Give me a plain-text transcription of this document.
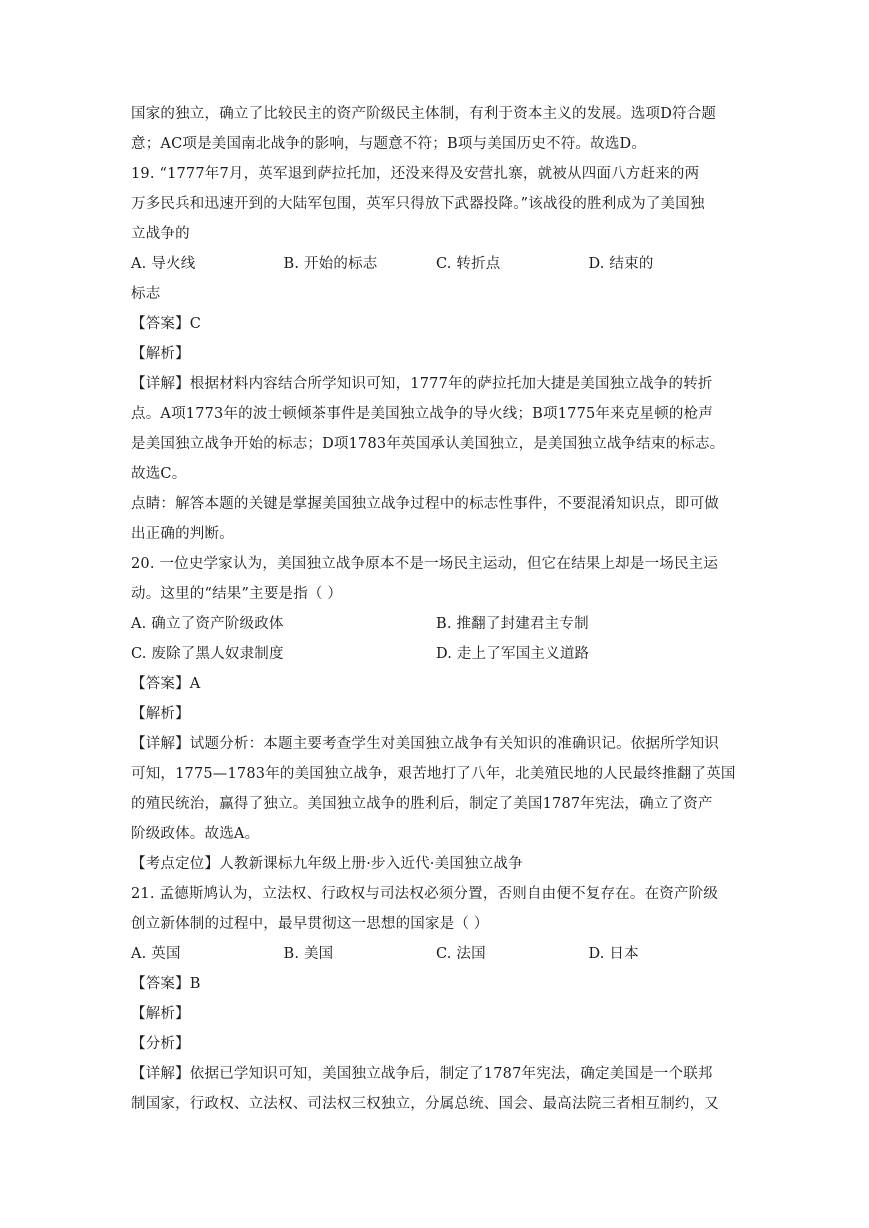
国家的独立，确立了比较民主的资产阶级民主体制，有利于资本主义的发展。选项D符合题
意；AC项是美国南北战争的影响，与题意不符；B项与美国历史不符。故选D。
19. “1777年7月，英军退到萨拉托加，还没来得及安营扎寨，就被从四面八方赶来的两
万多民兵和迅速开到的大陆军包围，英军只得放下武器投降。”该战役的胜利成为了美国独
立战争的
A. 导火线	B. 开始的标志	C. 转折点	D. 结束的
标志
【答案】C
【解析】
【详解】根据材料内容结合所学知识可知，1777年的萨拉托加大捷是美国独立战争的转折
点。A项1773年的波士顿倾茶事件是美国独立战争的导火线；B项1775年来克星顿的枪声
是美国独立战争开始的标志；D项1783年英国承认美国独立，是美国独立战争结束的标志。
故选C。
点睛：解答本题的关键是掌握美国独立战争过程中的标志性事件，不要混淆知识点，即可做
出正确的判断。
20. 一位史学家认为，美国独立战争原本不是一场民主运动，但它在结果上却是一场民主运
动。这里的“结果”主要是指（ ）
A. 确立了资产阶级政体	B. 推翻了封建君主专制
C. 废除了黑人奴隶制度	D. 走上了军国主义道路
【答案】A
【解析】
【详解】试题分析：本题主要考查学生对美国独立战争有关知识的准确识记。依据所学知识
可知，1775—1783年的美国独立战争，艰苦地打了八年，北美殖民地的人民最终推翻了英国
的殖民统治，赢得了独立。美国独立战争的胜利后，制定了美国1787年宪法，确立了资产
阶级政体。故选A。
【考点定位】人教新课标九年级上册·步入近代·美国独立战争
21. 孟德斯鸠认为，立法权、行政权与司法权必须分置，否则自由便不复存在。在资产阶级
创立新体制的过程中，最早贯彻这一思想的国家是（ ）
A. 英国	B. 美国	C. 法国	D. 日本
【答案】B
【解析】
【分析】
【详解】依据已学知识可知，美国独立战争后，制定了1787年宪法，确定美国是一个联邦
制国家，行政权、立法权、司法权三权独立，分属总统、国会、最高法院三者相互制约，又
